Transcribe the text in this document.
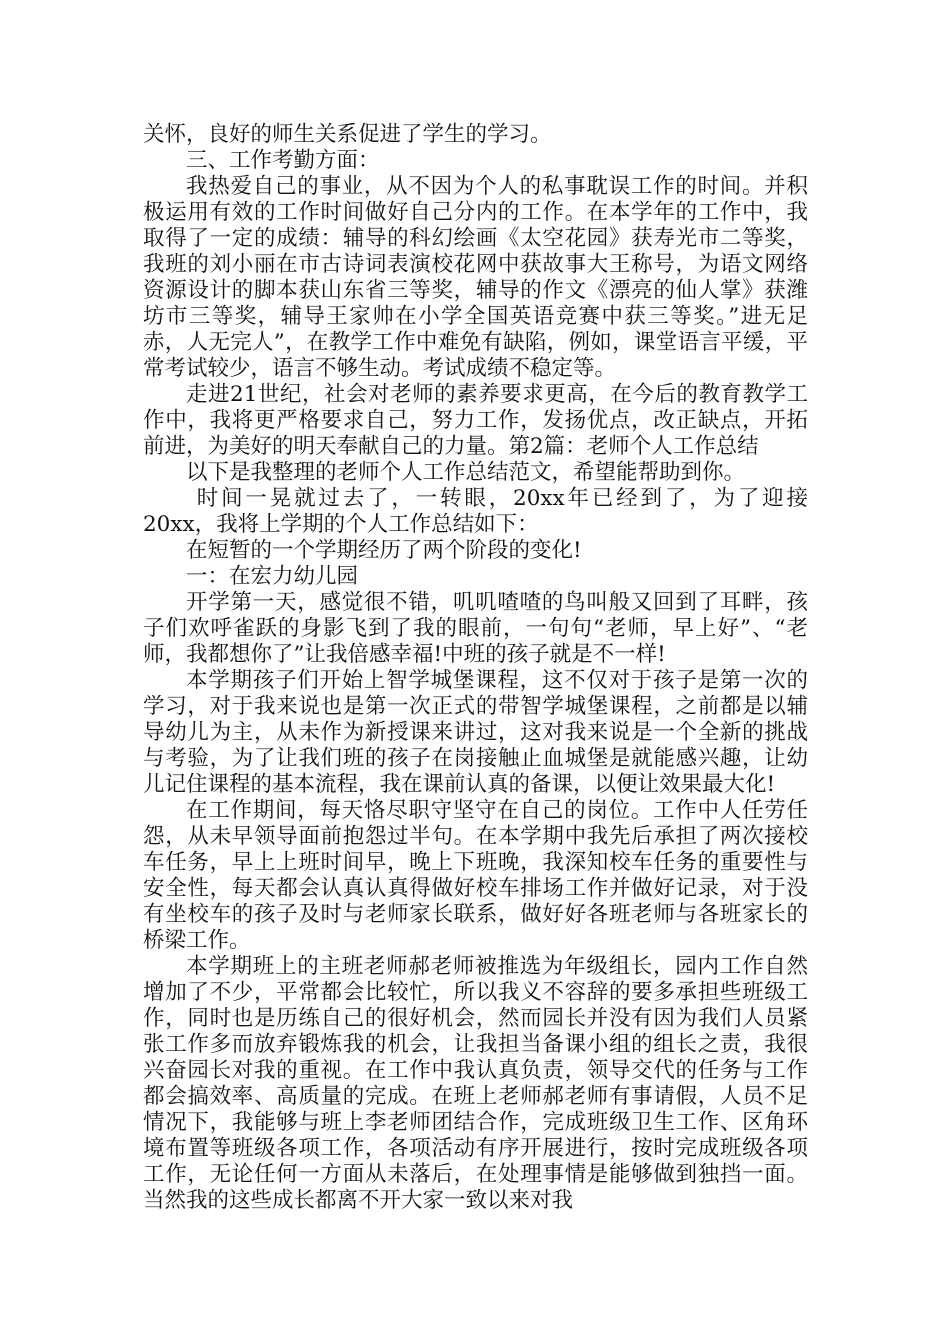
关怀，良好的师生关系促进了学生的学习。

三、工作考勤方面：

我热爱自己的事业，从不因为个人的私事耽误工作的时间。并积极运用有效的工作时间做好自己分内的工作。在本学年的工作中，我取得了一定的成绩：辅导的科幻绘画《太空花园》获寿光市二等奖，我班的刘小丽在市古诗词表演校花网中获故事大王称号，为语文网络资源设计的脚本获山东省三等奖，辅导的作文《漂亮的仙人掌》获潍坊市三等奖，辅导王家帅在小学全国英语竞赛中获三等奖。”进无足赤，人无完人”，在教学工作中难免有缺陷，例如，课堂语言平缓，平常考试较少，语言不够生动。考试成绩不稳定等。

走进21世纪，社会对老师的素养要求更高，在今后的教育教学工作中，我将更严格要求自己，努力工作，发扬优点，改正缺点，开拓前进，为美好的明天奉献自己的力量。第2篇：老师个人工作总结

以下是我整理的老师个人工作总结范文，希望能帮助到你。

时间一晃就过去了，一转眼，20xx年已经到了，为了迎接20xx，我将上学期的个人工作总结如下：

在短暂的一个学期经历了两个阶段的变化!

一：在宏力幼儿园

开学第一天，感觉很不错，叽叽喳喳的鸟叫般又回到了耳畔，孩子们欢呼雀跃的身影飞到了我的眼前，一句句“老师，早上好”、“老师，我都想你了”让我倍感幸福!中班的孩子就是不一样!

本学期孩子们开始上智学城堡课程，这不仅对于孩子是第一次的学习，对于我来说也是第一次正式的带智学城堡课程，之前都是以辅导幼儿为主，从未作为新授课来讲过，这对我来说是一个全新的挑战与考验，为了让我们班的孩子在岗接触止血城堡是就能感兴趣，让幼儿记住课程的基本流程，我在课前认真的备课，以便让效果最大化!

在工作期间，每天恪尽职守坚守在自己的岗位。工作中人任劳任怨，从未早领导面前抱怨过半句。在本学期中我先后承担了两次接校车任务，早上上班时间早，晚上下班晚，我深知校车任务的重要性与安全性，每天都会认真认真得做好校车排场工作并做好记录，对于没有坐校车的孩子及时与老师家长联系，做好好各班老师与各班家长的桥梁工作。

本学期班上的主班老师郝老师被推选为年级组长，园内工作自然增加了不少，平常都会比较忙，所以我义不容辞的要多承担些班级工作，同时也是历练自己的很好机会，然而园长并没有因为我们人员紧张工作多而放弃锻炼我的机会，让我担当备课小组的组长之责，我很兴奋园长对我的重视。在工作中我认真负责，领导交代的任务与工作都会搞效率、高质量的完成。在班上老师郝老师有事请假，人员不足情况下，我能够与班上李老师团结合作，完成班级卫生工作、区角环境布置等班级各项工作，各项活动有序开展进行，按时完成班级各项工作，无论任何一方面从未落后，在处理事情是能够做到独挡一面。当然我的这些成长都离不开大家一致以来对我
